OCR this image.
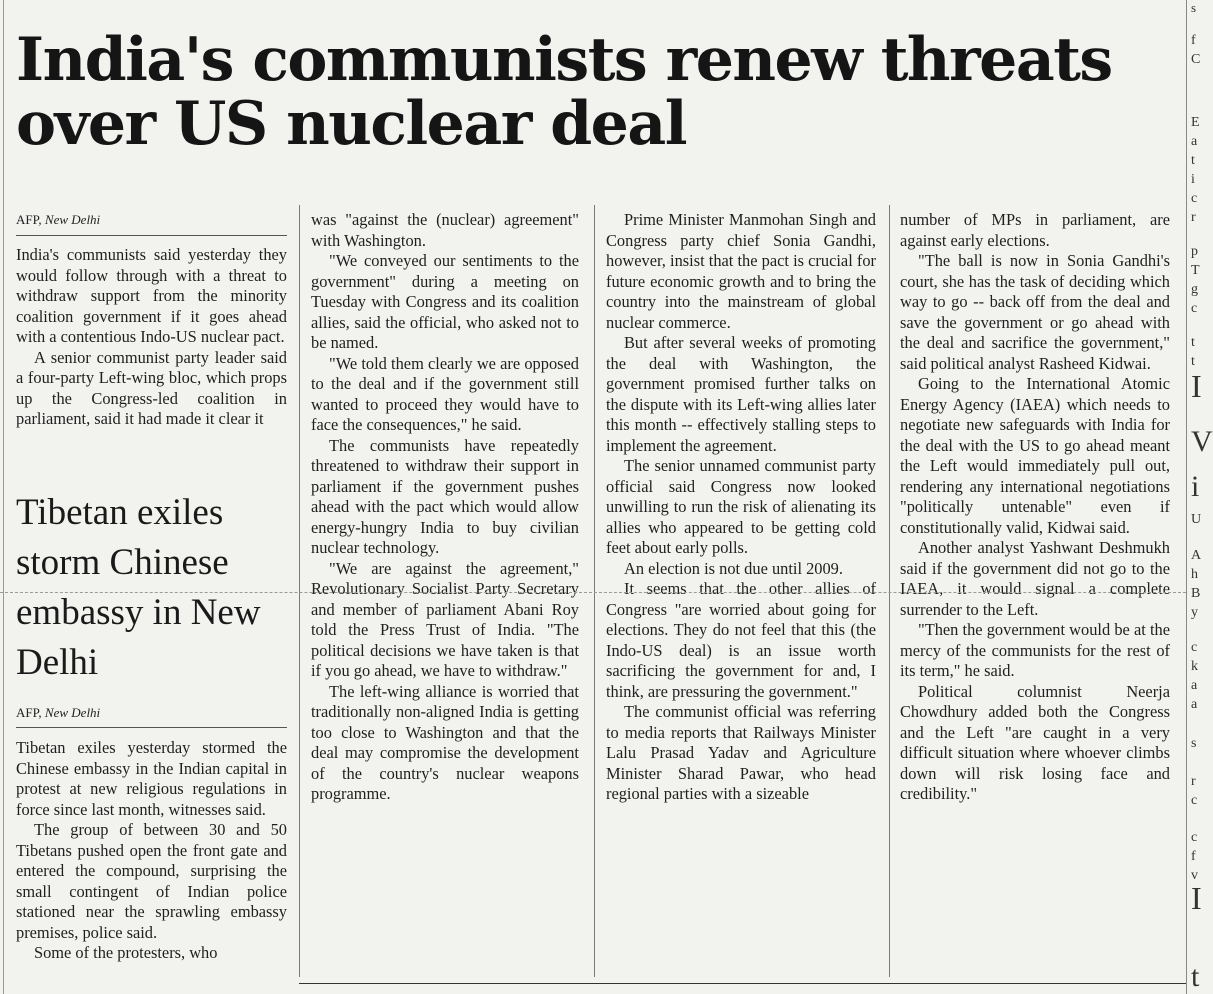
India's communists renew threats over US nuclear deal
AFP, New Delhi

India's communists said yesterday they would follow through with a threat to withdraw support from the minority coalition government if it goes ahead with a contentious Indo-US nuclear pact.

A senior communist party leader said a four-party Left-wing bloc, which props up the Congress-led coalition in parliament, said it had made it clear it

Tibetan exiles storm Chinese embassy in New Delhi
AFP, New Delhi

Tibetan exiles yesterday stormed the Chinese embassy in the Indian capital in protest at new religious regulations in force since last month, witnesses said.

The group of between 30 and 50 Tibetans pushed open the front gate and entered the compound, surprising the small contingent of Indian police stationed near the sprawling embassy premises, police said.

Some of the protesters, who

was "against the (nuclear) agreement" with Washington.

"We conveyed our sentiments to the government" during a meeting on Tuesday with Congress and its coalition allies, said the official, who asked not to be named.

"We told them clearly we are opposed to the deal and if the government still wanted to proceed they would have to face the consequences," he said.

The communists have repeatedly threatened to withdraw their support in parliament if the government pushes ahead with the pact which would allow energy-hungry India to buy civilian nuclear technology.

"We are against the agreement," Revolutionary Socialist Party Secretary and member of parliament Abani Roy told the Press Trust of India. "The political decisions we have taken is that if you go ahead, we have to withdraw."

The left-wing alliance is worried that traditionally non-aligned India is getting too close to Washington and that the deal may compromise the development of the country's nuclear weapons programme.

Prime Minister Manmohan Singh and Congress party chief Sonia Gandhi, however, insist that the pact is crucial for future economic growth and to bring the country into the mainstream of global nuclear commerce.

But after several weeks of promoting the deal with Washington, the government promised further talks on the dispute with its Left-wing allies later this month -- effectively stalling steps to implement the agreement.

The senior unnamed communist party official said Congress now looked unwilling to run the risk of alienating its allies who appeared to be getting cold feet about early polls.

An election is not due until 2009.

It seems that the other allies of Congress "are worried about going for elections. They do not feel that this (the Indo-US deal) is an issue worth sacrificing the government for and, I think, are pressuring the government."

The communist official was referring to media reports that Railways Minister Lalu Prasad Yadav and Agriculture Minister Sharad Pawar, who head regional parties with a sizeable

number of MPs in parliament, are against early elections.

"The ball is now in Sonia Gandhi's court, she has the task of deciding which way to go -- back off from the deal and save the government or go ahead with the deal and sacrifice the government," said political analyst Rasheed Kidwai.

Going to the International Atomic Energy Agency (IAEA) which needs to negotiate new safeguards with India for the deal with the US to go ahead meant the Left would immediately pull out, rendering any international negotiations "politically untenable" even if constitutionally valid, Kidwai said.

Another analyst Yashwant Deshmukh said if the government did not go to the IAEA, it would signal a complete surrender to the Left.

"Then the government would be at the mercy of the communists for the rest of its term," he said.

Political columnist Neerja Chowdhury added both the Congress and the Left "are caught in a very difficult situation where whoever climbs down will risk losing face and credibility."

s
f
C
E
a
t
i
c
r
p
T
g
c
t
t
I
V
i
U
A
h
B
y
c
k
a
a
s
r
c
c
f
v
I
t
